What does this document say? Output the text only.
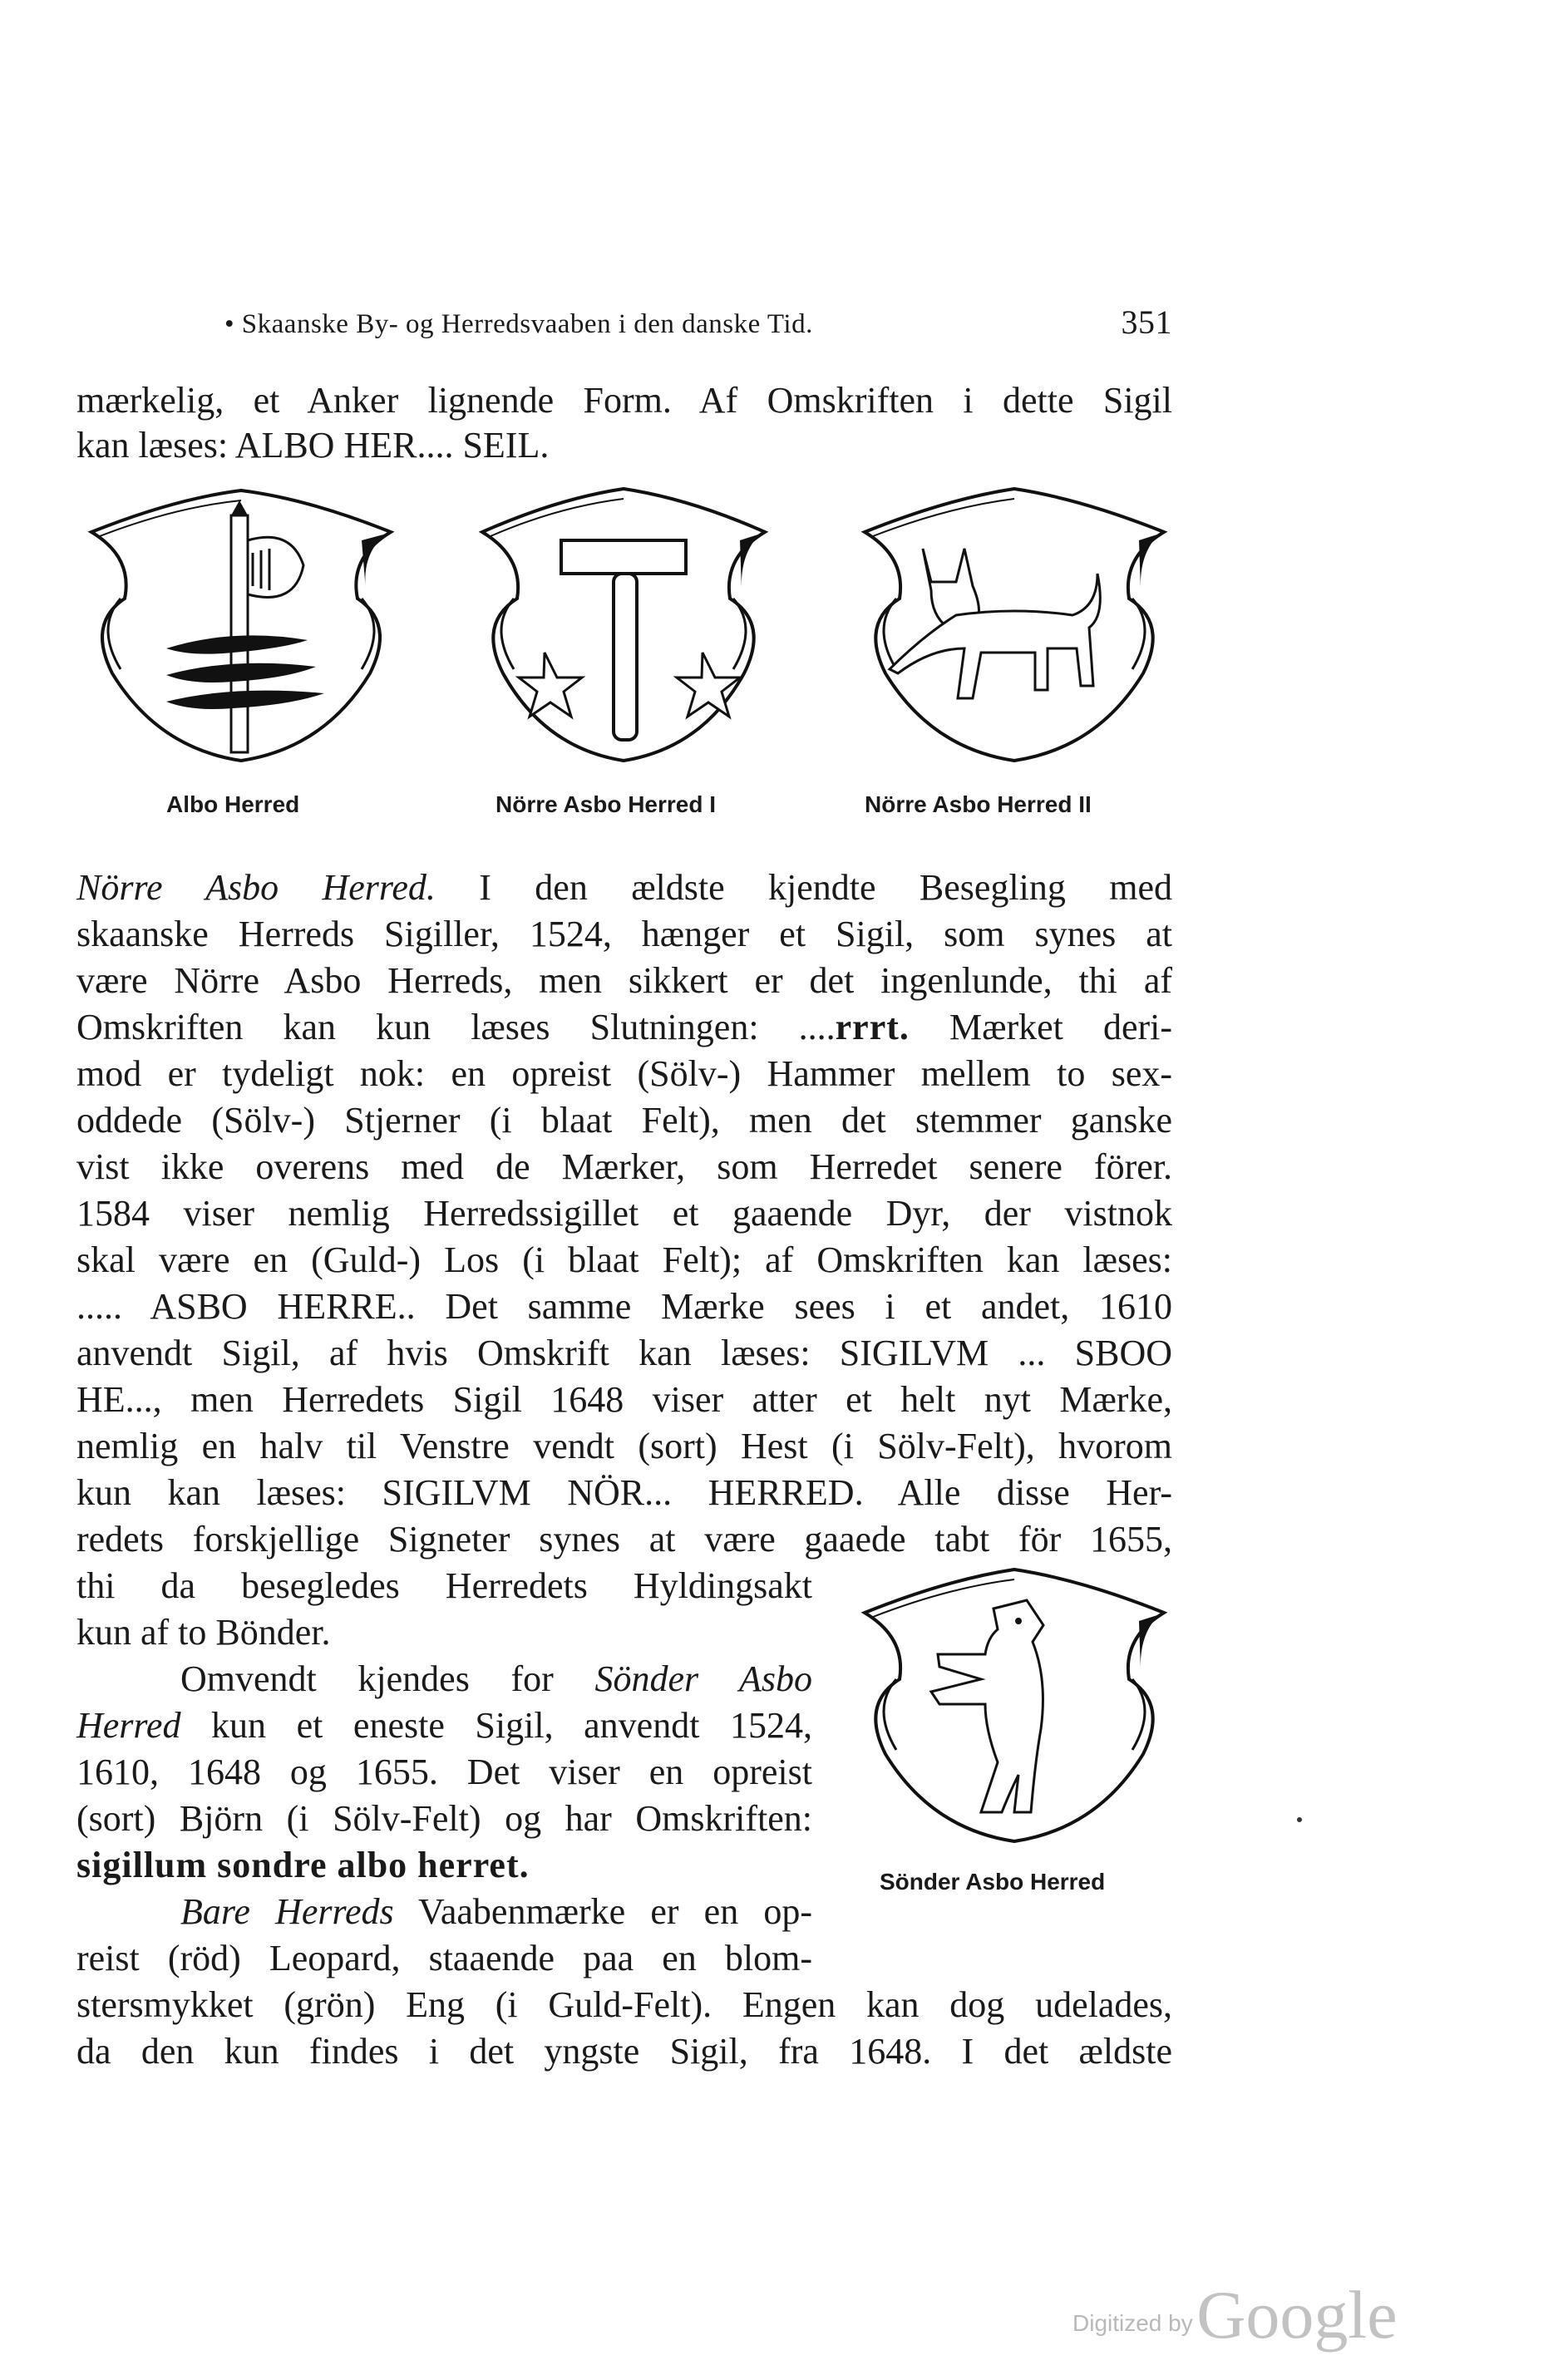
• Skaanske By- og Herredsvaaben i den danske Tid.	351
mærkelig, et Anker lignende Form. Af Omskriften i dette Sigil
kan læses: ALBO HER.... SEIL.
Albo Herred	Nörre Asbo Herred I	Nörre Asbo Herred II
Nörre Asbo Herred. I den ældste kjendte Besegling med
skaanske Herreds Sigiller, 1524, hænger et Sigil, som synes at
være Nörre Asbo Herreds, men sikkert er det ingenlunde, thi af
Omskriften kan kun læses Slutningen: ....rrrt. Mærket deri-
mod er tydeligt nok: en opreist (Sölv-) Hammer mellem to sex-
oddede (Sölv-) Stjerner (i blaat Felt), men det stemmer ganske
vist ikke overens med de Mærker, som Herredet senere förer.
1584 viser nemlig Herredssigillet et gaaende Dyr, der vistnok
skal være en (Guld-) Los (i blaat Felt); af Omskriften kan læses:
..... ASBO HERRE.. Det samme Mærke sees i et andet, 1610
anvendt Sigil, af hvis Omskrift kan læses: SIGILVM ... SBOO
HE..., men Herredets Sigil 1648 viser atter et helt nyt Mærke,
nemlig en halv til Venstre vendt (sort) Hest (i Sölv-Felt), hvorom
kun kan læses: SIGILVM NÖR... HERRED. Alle disse Her-
redets forskjellige Signeter synes at være gaaede tabt för 1655,
thi da besegledes Herredets Hyldingsakt
kun af to Bönder.
Omvendt kjendes for Sönder Asbo
Herred kun et eneste Sigil, anvendt 1524,
1610, 1648 og 1655. Det viser en opreist
(sort) Björn (i Sölv-Felt) og har Omskriften:
sigillum sondre albo herret.	Sönder Asbo Herred
Bare Herreds Vaabenmærke er en op-
reist (röd) Leopard, staaende paa en blom-
stersmykket (grön) Eng (i Guld-Felt). Engen kan dog udelades,
da den kun findes i det yngste Sigil, fra 1648. I det ældste
Digitized by Google
